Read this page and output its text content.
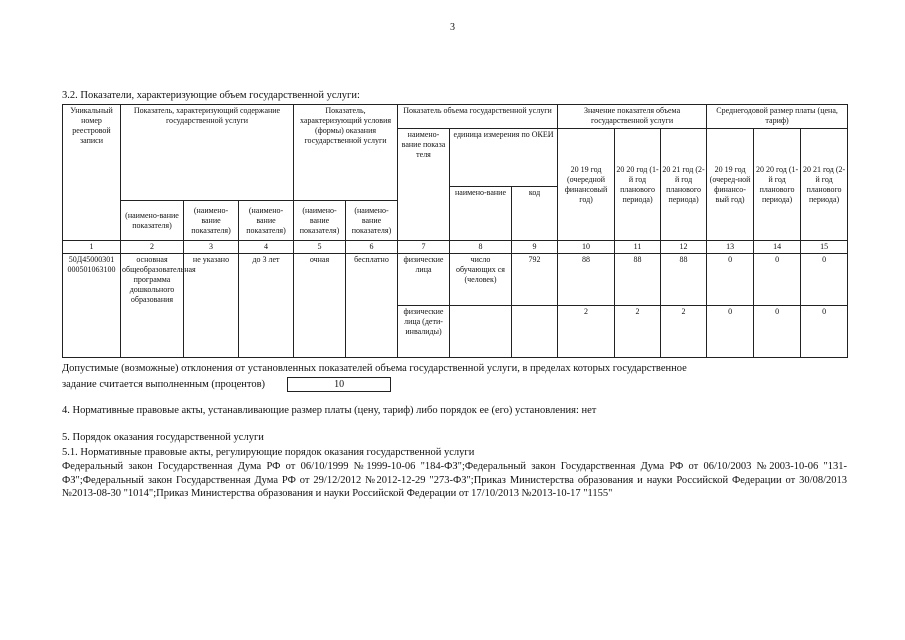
3
3.2. Показатели, характеризующие объем государственной услуги:
Уникальный номер реестровой записи	Показатель, характеризующий содержание государственной услуги			Показатель, характеризующий условия (формы) оказания государственной услуги		Показатель объема государственной услуги			Значение показателя объема государственной услуги			Среднегодовой размер платы (цена, тариф)		
						наимено-вание показа теля	единица измерения по ОКЕИ		20 19 год (очередной финансовый год)	20 20 год (1-й год планового периода)	20 21 год (2-й год планового периода)	20 19 год (очеред-ной финансо-вый год)	20 20 год (1-й год планового периода)	20 21 год (2-й год планового периода)
							наимено-вание	код						

	(наимено-вание показателя)	(наимено-вание показателя)	(наимено-вание показателя)	(наимено-вание показателя)	(наимено-вание показателя)									
1	2	3	4	5	6	7	8	9	10	11	12	13	14	15
50Д45000301 000501063100	основная общеобразовательная программа дошкольного образования	не указано	до 3 лет	очная	бесплатно	физические лица	число обучающих ся (человек)	792	88	88	88	0	0	0
						физические лица (дети-инвалиды)			2	2	2	0	0	0
Допустимые (возможные) отклонения от установленных показателей объема государственной услуги, в пределах которых государственное
задание считается выполненным (процентов)	10
4. Нормативные правовые акты, устанавливающие размер платы (цену, тариф) либо порядок ее (его) установления: нет
5. Порядок оказания государственной услуги
5.1. Нормативные правовые акты, регулирующие порядок оказания государственной услуги
Федеральный закон Государственная Дума РФ от 06/10/1999 №1999-10-06 "184-ФЗ";Федеральный закон Государственная Дума РФ от 06/10/2003 №2003-10-06 "131-ФЗ";Федеральный закон Государственная Дума РФ от 29/12/2012 №2012-12-29 "273-ФЗ";Приказ Министерства образования и науки Российской Федерации от 30/08/2013 №2013-08-30 "1014";Приказ Министерства образования и науки Российской Федерации от 17/10/2013 №2013-10-17 "1155"
